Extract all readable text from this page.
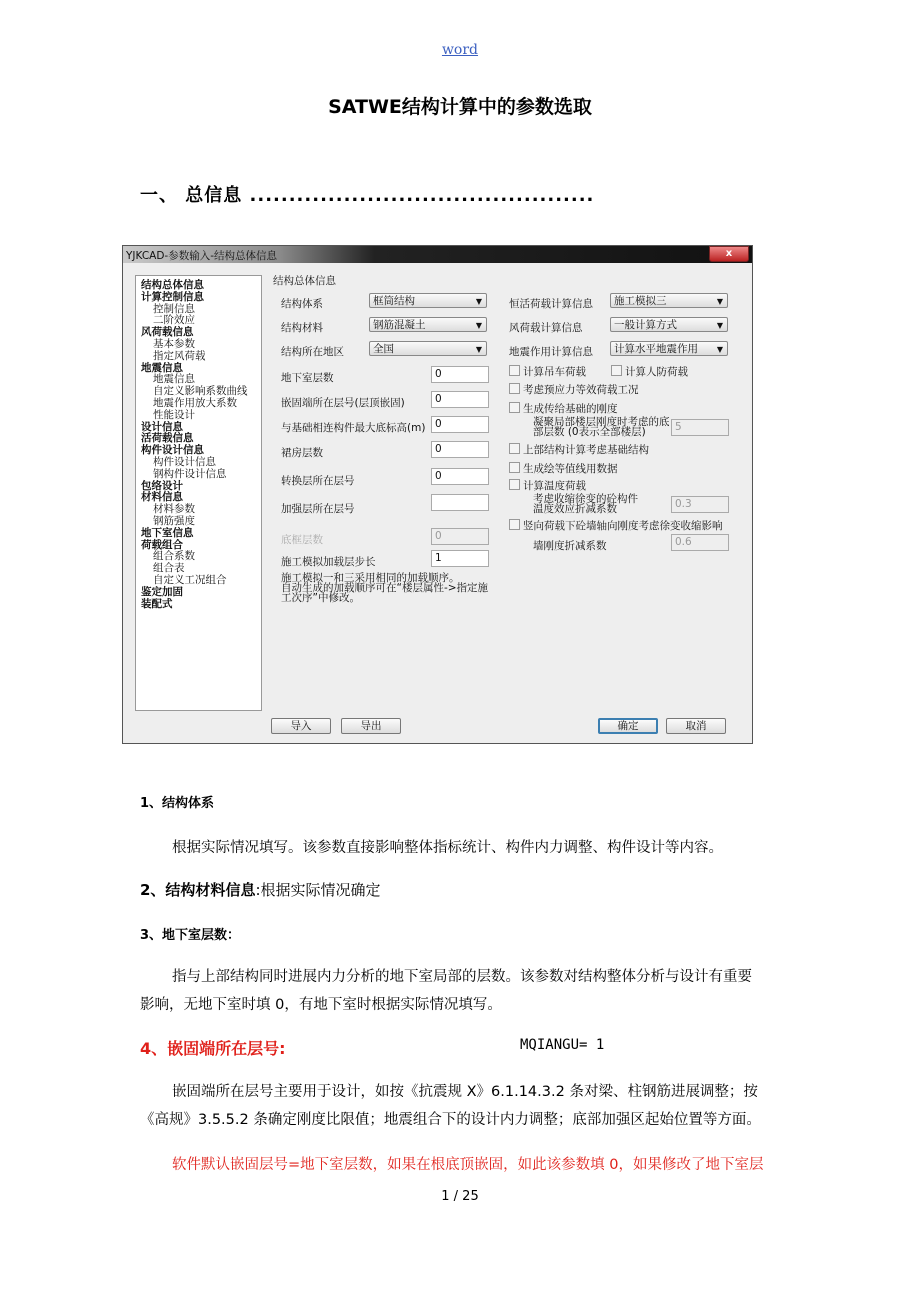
word
SATWE结构计算中的参数选取
一、 总信息 ............................................
YJKCAD-参数输入-结构总体信息	x
结构总体信息
计算控制信息
控制信息
二阶效应
风荷载信息
基本参数
指定风荷载
地震信息
地震信息
自定义影响系数曲线
地震作用放大系数
性能设计
设计信息
活荷载信息
构件设计信息
构件设计信息
钢构件设计信息
包络设计
材料信息
材料参数
钢筋强度
地下室信息
荷载组合
组合系数
组合表
自定义工况组合
鉴定加固
装配式
结构总体信息
结构体系	框筒结构	▼
结构材料	钢筋混凝土	▼
结构所在地区	全国	▼
地下室层数	0
嵌固端所在层号(层顶嵌固)	0
与基础相连构件最大底标高(m) 0
裙房层数	0
转换层所在层号	0
加强层所在层号
底框层数	0
施工模拟加载层步长	1
施工模拟一和三采用相同的加载顺序。
自动生成的加载顺序可在“楼层属性->指定施
工次序”中修改。
恒活荷载计算信息	施工模拟三	▼
风荷载计算信息	一般计算方式	▼
地震作用计算信息	计算水平地震作用 ▼
计算吊车荷载	计算人防荷载
考虑预应力等效荷载工况
生成传给基础的刚度
凝聚局部楼层刚度时考虑的底
部层数 (0表示全部楼层)	5
上部结构计算考虑基础结构
生成绘等值线用数据
计算温度荷载
考虑收缩徐变的砼构件
温度效应折减系数	0.3
竖向荷载下砼墙轴向刚度考虑徐变收缩影响
墙刚度折减系数	0.6
导入	导出	确定	取消
1、结构体系
根据实际情况填写。该参数直接影响整体指标统计、构件内力调整、构件设计等内容。
2、结构材料信息:根据实际情况确定
3、地下室层数：
指与上部结构同时进展内力分析的地下室局部的层数。该参数对结构整体分析与设计有重要
影响，无地下室时填 0，有地下室时根据实际情况填写。
4、嵌固端所在层号:	MQIANGU= 1
嵌固端所在层号主要用于设计，如按《抗震规 X》6.1.14.3.2 条对梁、柱钢筋进展调整；按
《高规》3.5.5.2 条确定刚度比限值；地震组合下的设计内力调整；底部加强区起始位置等方面。
软件默认嵌固层号=地下室层数，如果在根底顶嵌固，如此该参数填 0，如果修改了地下室层
1 / 25
